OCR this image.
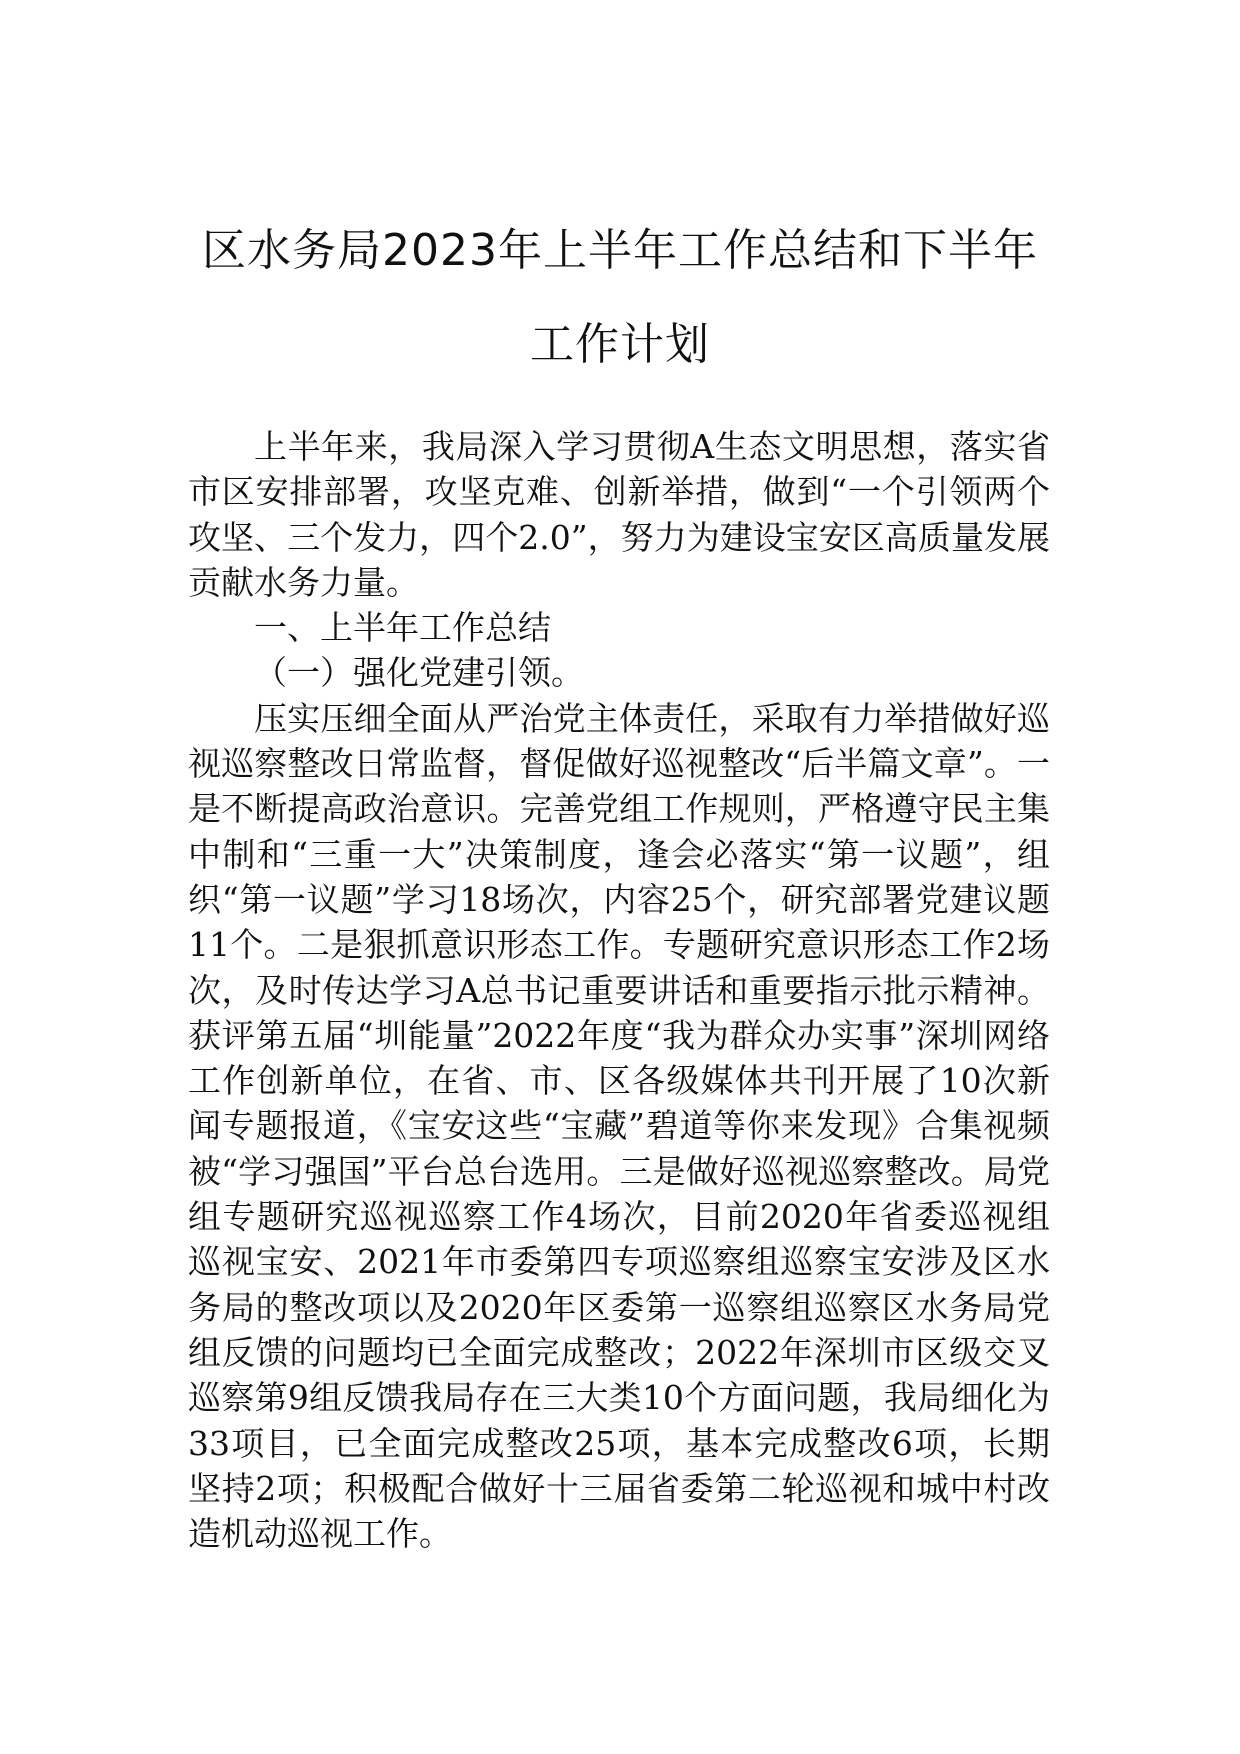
区水务局2023年上半年工作总结和下半年
工作计划

上半年来，我局深入学习贯彻A生态文明思想，落实省市区安排部署，攻坚克难、创新举措，做到“一个引领两个攻坚、三个发力，四个2.0”，努力为建设宝安区高质量发展贡献水务力量。

一、上半年工作总结

（一）强化党建引领。

压实压细全面从严治党主体责任，采取有力举措做好巡视巡察整改日常监督，督促做好巡视整改“后半篇文章”。一是不断提高政治意识。完善党组工作规则，严格遵守民主集中制和“三重一大”决策制度，逢会必落实“第一议题”，组织“第一议题”学习18场次，内容25个，研究部署党建议题11个。二是狠抓意识形态工作。专题研究意识形态工作2场次，及时传达学习A总书记重要讲话和重要指示批示精神。获评第五届“圳能量”2022年度“我为群众办实事”深圳网络工作创新单位，在省、市、区各级媒体共刊开展了10次新闻专题报道，《宝安这些“宝藏”碧道等你来发现》合集视频被“学习强国”平台总台选用。三是做好巡视巡察整改。局党组专题研究巡视巡察工作4场次，目前2020年省委巡视组巡视宝安、2021年市委第四专项巡察组巡察宝安涉及区水务局的整改项以及2020年区委第一巡察组巡察区水务局党组反馈的问题均已全面完成整改；2022年深圳市区级交叉巡察第9组反馈我局存在三大类10个方面问题，我局细化为33项目，已全面完成整改25项，基本完成整改6项，长期坚持2项；积极配合做好十三届省委第二轮巡视和城中村改造机动巡视工作。
